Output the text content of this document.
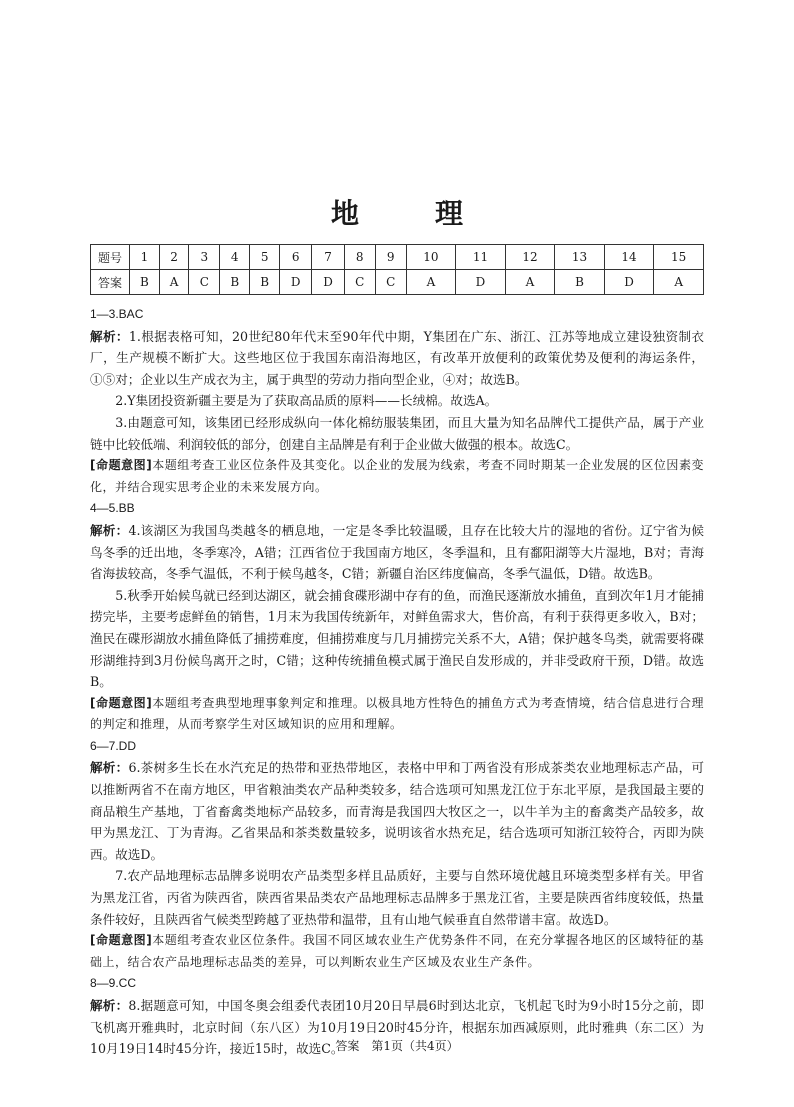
地　理
题号	1	2	3	4	5	6	7	8	9	10	11	12	13	14	15
答案	B	A	C	B	B	D	D	C	C	A	D	A	B	D	A

1—3.BAC

解析：1.根据表格可知，20世纪80年代末至90年代中期，Y集团在广东、浙江、江苏等地成立建设独资制衣厂，生产规模不断扩大。这些地区位于我国东南沿海地区，有改革开放便利的政策优势及便利的海运条件，①⑤对；企业以生产成衣为主，属于典型的劳动力指向型企业，④对；故选B。

2.Y集团投资新疆主要是为了获取高品质的原料——长绒棉。故选A。

3.由题意可知，该集团已经形成纵向一体化棉纺服装集团，而且大量为知名品牌代工提供产品，属于产业链中比较低端、利润较低的部分，创建自主品牌是有利于企业做大做强的根本。故选C。

[命题意图]本题组考查工业区位条件及其变化。以企业的发展为线索，考查不同时期某一企业发展的区位因素变化，并结合现实思考企业的未来发展方向。

4—5.BB

解析：4.该湖区为我国鸟类越冬的栖息地，一定是冬季比较温暖，且存在比较大片的湿地的省份。辽宁省为候鸟冬季的迁出地，冬季寒冷，A错；江西省位于我国南方地区，冬季温和，且有鄱阳湖等大片湿地，B对；青海省海拔较高，冬季气温低，不利于候鸟越冬，C错；新疆自治区纬度偏高，冬季气温低，D错。故选B。

5.秋季开始候鸟就已经到达湖区，就会捕食碟形湖中存有的鱼，而渔民逐渐放水捕鱼，直到次年1月才能捕捞完毕，主要考虑鲜鱼的销售，1月末为我国传统新年，对鲜鱼需求大，售价高，有利于获得更多收入，B对；渔民在碟形湖放水捕鱼降低了捕捞难度，但捕捞难度与几月捕捞完关系不大，A错；保护越冬鸟类，就需要将碟形湖维持到3月份候鸟离开之时，C错；这种传统捕鱼模式属于渔民自发形成的，并非受政府干预，D错。故选B。

[命题意图]本题组考查典型地理事象判定和推理。以极具地方性特色的捕鱼方式为考查情境，结合信息进行合理的判定和推理，从而考察学生对区域知识的应用和理解。

6—7.DD

解析：6.茶树多生长在水汽充足的热带和亚热带地区，表格中甲和丁两省没有形成茶类农业地理标志产品，可以推断两省不在南方地区，甲省粮油类农产品种类较多，结合选项可知黑龙江位于东北平原，是我国最主要的商品粮生产基地，丁省畜禽类地标产品较多，而青海是我国四大牧区之一，以牛羊为主的畜禽类产品较多，故甲为黑龙江、丁为青海。乙省果品和茶类数量较多，说明该省水热充足，结合选项可知浙江较符合，丙即为陕西。故选D。

7.农产品地理标志品牌多说明农产品类型多样且品质好，主要与自然环境优越且环境类型多样有关。甲省为黑龙江省，丙省为陕西省，陕西省果品类农产品地理标志品牌多于黑龙江省，主要是陕西省纬度较低，热量条件较好，且陕西省气候类型跨越了亚热带和温带，且有山地气候垂直自然带谱丰富。故选D。

[命题意图]本题组考查农业区位条件。我国不同区域农业生产优势条件不同，在充分掌握各地区的区域特征的基础上，结合农产品地理标志品类的差异，可以判断农业生产区域及农业生产条件。

8—9.CC

解析：8.据题意可知，中国冬奥会组委代表团10月20日早晨6时到达北京，飞机起飞时为9小时15分之前，即飞机离开雅典时，北京时间（东八区）为10月19日20时45分许，根据东加西减原则，此时雅典（东二区）为10月19日14时45分许，接近15时，故选C。

答案　第1页（共4页）
